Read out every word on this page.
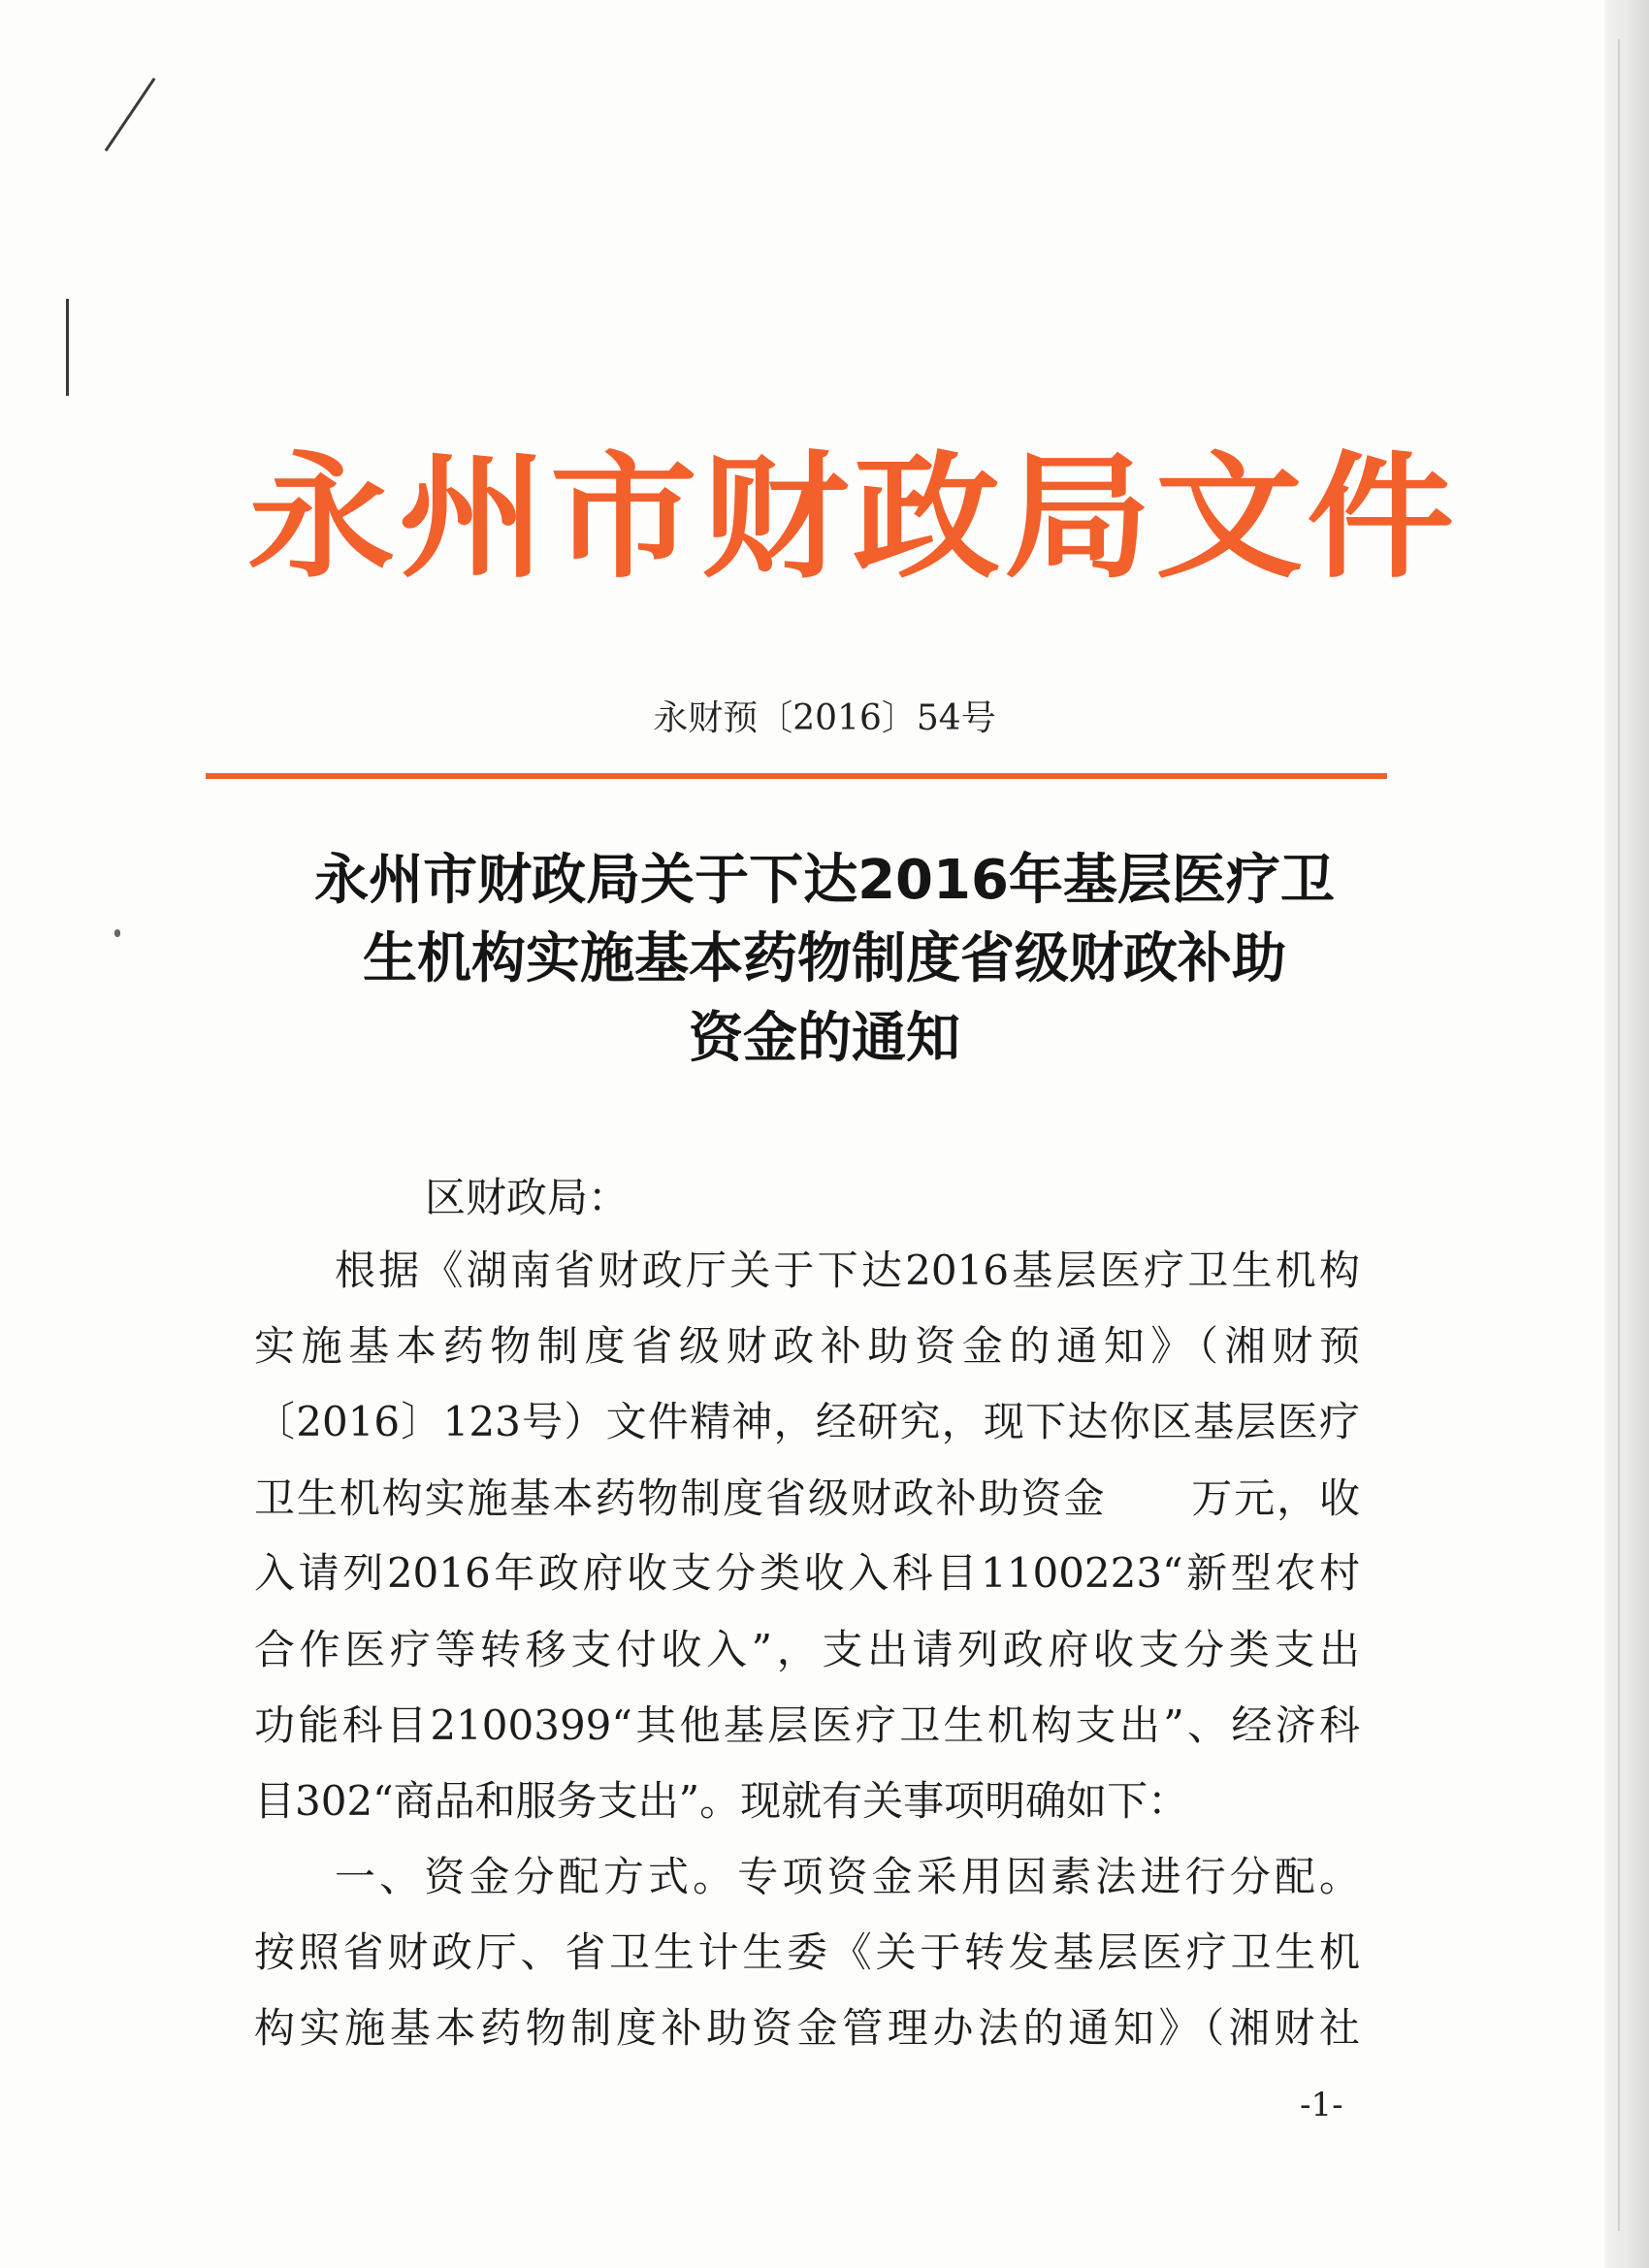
永州市财政局文件
永财预〔2016〕54号
永州市财政局关于下达2016年基层医疗卫
生机构实施基本药物制度省级财政补助
资金的通知
区财政局：
根据《湖南省财政厅关于下达2016基层医疗卫生机构
实施基本药物制度省级财政补助资金的通知》（湘财预
〔2016〕123号）文件精神，经研究，现下达你区基层医疗
卫生机构实施基本药物制度省级财政补助资金　　万元，收
入请列2016年政府收支分类收入科目1100223“新型农村
合作医疗等转移支付收入”，支出请列政府收支分类支出
功能科目2100399“其他基层医疗卫生机构支出”、经济科
目302“商品和服务支出”。现就有关事项明确如下：
一、资金分配方式。专项资金采用因素法进行分配。
按照省财政厅、省卫生计生委《关于转发基层医疗卫生机
构实施基本药物制度补助资金管理办法的通知》（湘财社
-1-
